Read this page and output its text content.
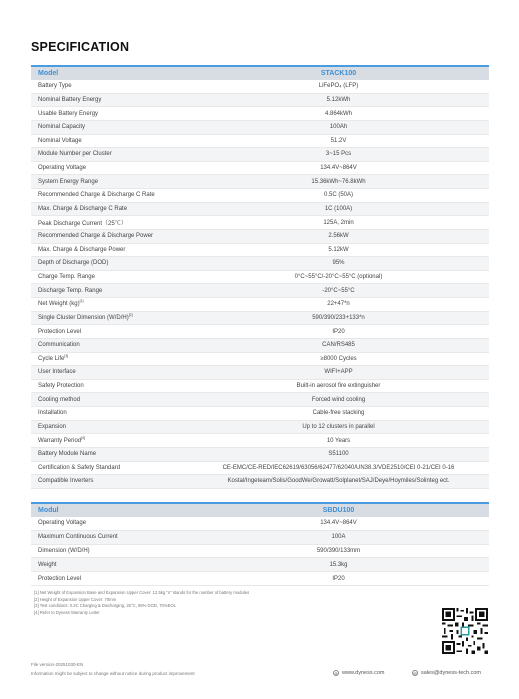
SPECIFICATION
Model	STACK100
Battery Type	LiFePO₄ (LFP)
Nominal Battery Energy	5.12kWh
Usable Battery Energy	4.864kWh
Nominal Capacity	100Ah
Nominal Voltage	51.2V
Module Number per Cluster	3~15 Pcs
Operating Voltage	134.4V~864V
System Energy Range	15.36kWh~76.8kWh
Recommended Charge & Discharge C Rate	0.5C (50A)
Max. Charge & Discharge C Rate	1C (100A)
Peak Discharge Current（25℃）	125A, 2min
Recommended Charge & Discharge Power	2.56kW
Max. Charge & Discharge Power	5.12kW
Depth of Discharge (DOD)	95%
Charge Temp. Range	0°C~55°C/-20°C~55°C (optional)
Discharge Temp. Range	-20°C~55°C
Net Weight (kg)[1]	22+47*n
Single Cluster Dimension (W/D/H)[2]	590/390/233+133*n
Protection Level	IP20
Communication	CAN/RS485
Cycle Life[3]	≥8000 Cycles
User Interface	WIFI+APP
Safety Protection	Built-in aerosol fire extinguisher
Cooling method	Forced wind cooling
Installation	Cable-free stacking
Expansion	Up to 12 clusters in parallel
Warranty Period[4]	10 Years
Battery Module Name	S51100
Certification & Safety Standard	CE-EMC/CE-RED/IEC62619/63056/62477/62040/UN38.3/VDE2510/CEI 0-21/CEI 0-16
Compatible Inverters	Kostal/Ingeteam/Solis/GoodWe/Growatt/Solplanet/SAJ/Deye/Hoymiles/Solinteg ect.
Modul	SBDU100
Operating Voltage	134.4V~864V
Maximum Continuous Current	100A
Dimension (W/D/H)	590/390/133mm
Weight	15.3kg
Protection Level	IP20
[1] Net Weight of Expansion Base and Expansion Upper Cover: 12.5kg "n" stands for the number of battery modules
[2] Height of Expansion Upper Cover: 70mm
[3] Test conditions: 0.2C Charging & Discharging, 25°C, 95% DOD, 70%EOL
[4] Refer to Dyness Warranty Letter
File version-20251030-EN
Information might be subject to change without notice during product improvement	⊕ www.dyness.com	✉ sales@dyness-tech.com
